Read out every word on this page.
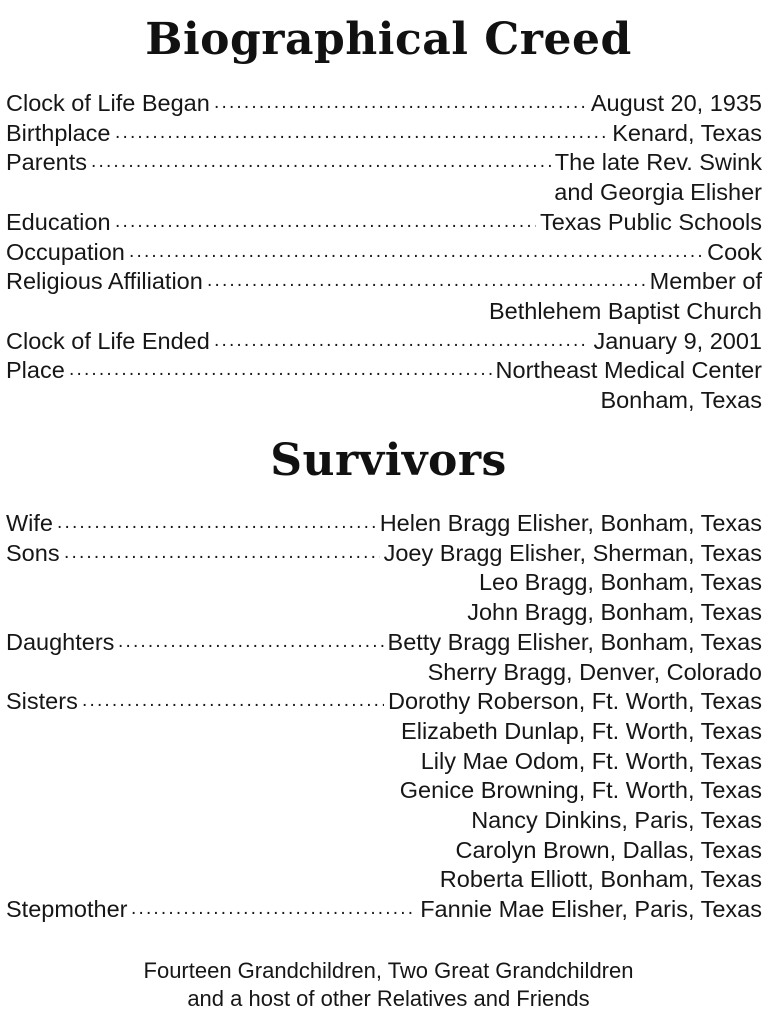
Biographical Creed
Clock of Life Began .....	August 20, 1935
Birthplace .....	Kenard, Texas
Parents .....	The late Rev. Swink
and Georgia Elisher
Education .....	Texas Public Schools
Occupation .....	Cook
Religious Affiliation .....	Member of
Bethlehem Baptist Church
Clock of Life Ended .....	January 9, 2001
Place .....	Northeast Medical Center
Bonham, Texas
Survivors
Wife .....	Helen Bragg Elisher, Bonham, Texas
Sons .....	Joey Bragg Elisher, Sherman, Texas
Leo Bragg, Bonham, Texas
John Bragg, Bonham, Texas
Daughters .....	Betty Bragg Elisher, Bonham, Texas
Sherry Bragg, Denver, Colorado
Sisters .....	Dorothy Roberson, Ft. Worth, Texas
Elizabeth Dunlap, Ft. Worth, Texas
Lily Mae Odom, Ft. Worth, Texas
Genice Browning, Ft. Worth, Texas
Nancy Dinkins, Paris, Texas
Carolyn Brown, Dallas, Texas
Roberta Elliott, Bonham, Texas
Stepmother .....	Fannie Mae Elisher, Paris, Texas
Fourteen Grandchildren, Two Great Grandchildren
and a host of other Relatives and Friends
